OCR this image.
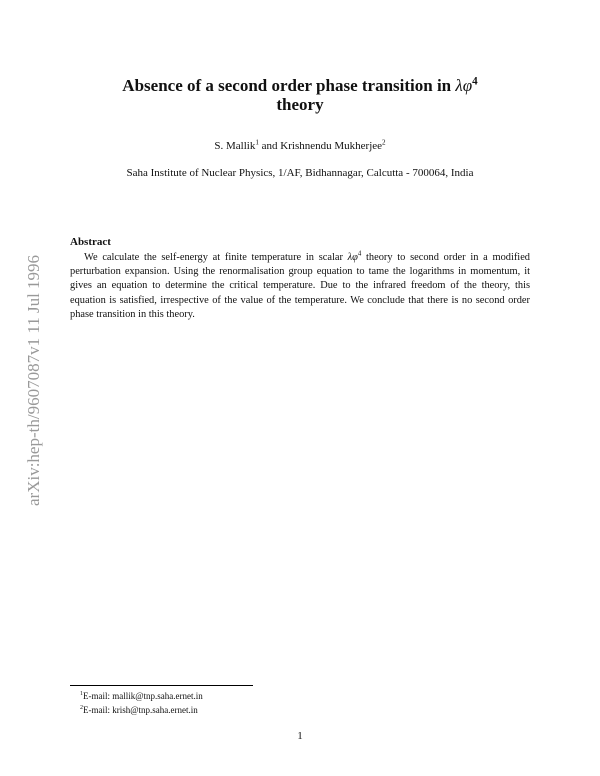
arXiv:hep-th/9607087v1 11 Jul 1996
Absence of a second order phase transition in $\lambda\varphi^4$
theory
S. Mallik$^1$ and Krishnendu Mukherjee$^2$
Saha Institute of Nuclear Physics, 1/AF, Bidhannagar, Calcutta - 700064, India
Abstract
We calculate the self-energy at finite temperature in scalar $\lambda\varphi^4$ theory to second order in a modified perturbation expansion. Using the renormalisation group equation to tame the logarithms in momentum, it gives an equation to determine the critical temperature. Due to the infrared freedom of the theory, this equation is satisfied, irrespective of the value of the temperature. We conclude that there is no second order phase transition in this theory.
$^1$E-mail: mallik@tnp.saha.ernet.in
$^2$E-mail: krish@tnp.saha.ernet.in
1
